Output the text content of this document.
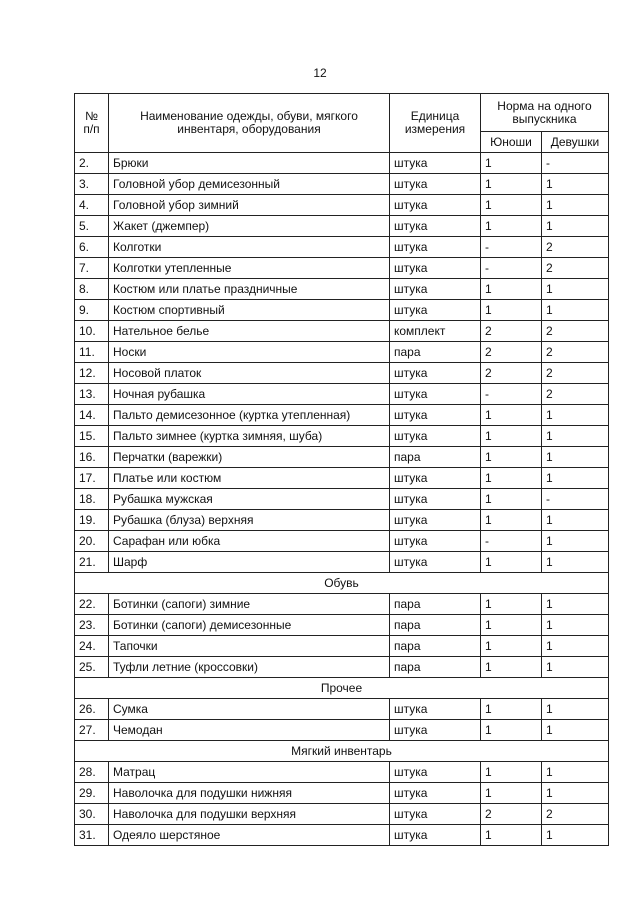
12
№ п/п	Наименование одежды, обуви, мягкого инвентаря, оборудования	Единица измерения	Норма на одного выпускника	
			Юноши	Девушки
2.	Брюки	штука	1	-
3.	Головной убор демисезонный	штука	1	1
4.	Головной убор зимний	штука	1	1
5.	Жакет (джемпер)	штука	1	1
6.	Колготки	штука	-	2
7.	Колготки утепленные	штука	-	2
8.	Костюм или платье праздничные	штука	1	1
9.	Костюм спортивный	штука	1	1
10.	Нательное белье	комплект	2	2
11.	Носки	пара	2	2
12.	Носовой платок	штука	2	2
13.	Ночная рубашка	штука	-	2
14.	Пальто демисезонное (куртка утепленная)	штука	1	1
15.	Пальто зимнее (куртка зимняя, шуба)	штука	1	1
16.	Перчатки (варежки)	пара	1	1
17.	Платье или костюм	штука	1	1
18.	Рубашка мужская	штука	1	-
19.	Рубашка (блуза) верхняя	штука	1	1
20.	Сарафан или юбка	штука	-	1
21.	Шарф	штука	1	1
Обувь				
22.	Ботинки (сапоги) зимние	пара	1	1
23.	Ботинки (сапоги) демисезонные	пара	1	1
24.	Тапочки	пара	1	1
25.	Туфли летние (кроссовки)	пара	1	1
Прочее				
26.	Сумка	штука	1	1
27.	Чемодан	штука	1	1
Мягкий инвентарь				
28.	Матрац	штука	1	1
29.	Наволочка для подушки нижняя	штука	1	1
30.	Наволочка для подушки верхняя	штука	2	2
31.	Одеяло шерстяное	штука	1	1
